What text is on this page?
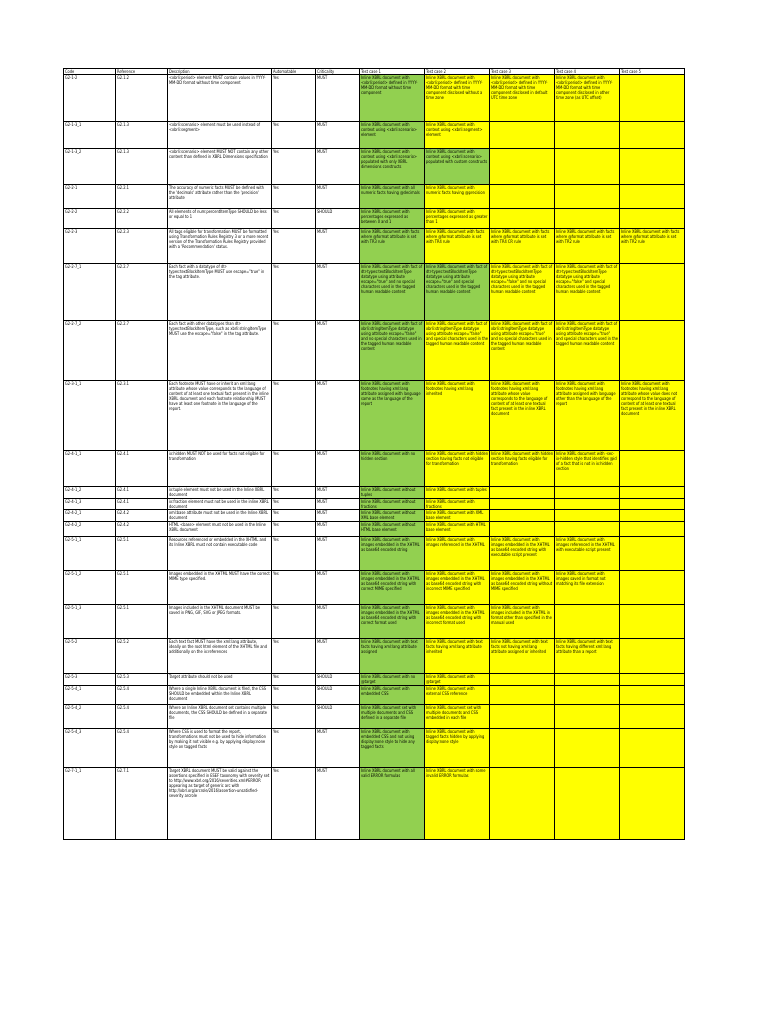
Code	Reference	Description	Automatable	Criticality	Test case 1	Test case 2	Test case 3	Test case 4	Test case 5
G2-1-2	G2.1.2	<xbrli:period> element MUST contain values in YYYY-MM-DD format without time component	Yes	MUST	Inline XBRL document with <xbrli:period> defined in YYYY-MM-DD format without time component	Inline XBRL document with <xbrli:period> defined in YYYY-MM-DD format with time component disclosed without a time zone	Inline XBRL document with <xbrli:period> defined in YYYY-MM-DD format with time component disclosed in default UTC time zone	Inline XBRL document with <xbrli:period> defined in YYYY-MM-DD format with time component disclosed in other time zone (as UTC offset)	
G2-1-3_1	G2.1.3	<xbrli:scenario> element must be used instead of <xbrli:segment>	Yes	MUST	Inline XBRL document with context using <xbrli:scenario> element	Inline XBRL document with context using <xbrli:segment> element			
G2-1-3_2	G2.1.3	<xbrli:scenario> element MUST NOT contain any other content than defined in XBRL Dimensions specification	Yes	MUST	Inline XBRL document with context using <xbrli:scenario> populated with only XBRL dimensions constructs	Inline XBRL document with context using <xbrli:scenario> populated with custom constructs			
G2-2-1	G2.2.1	The accuracy of numeric facts MUST be defined with the 'decimals' attribute rather than the 'precision' attribute	Yes	MUST	Inline XBRL document with all numeric facts having @decimals	Inline XBRL document with numeric facts having @precision			
G2-2-2	G2.2.2	All elements of num:percentItemType SHOULD be less or equal to 1	Yes	SHOULD	Inline XBRL document with percentages expressed as between 0 and 1	Inline XBRL document with percentages expressed as greater than 1			
G2-2-3	G2.2.3	All tags eligible for transformation MUST be formatted using Transformation Rules Registry 3 or a more recent version of the Transformation Rules Registry provided with a 'Recommendation' status.	Yes	MUST	Inline XBRL document with facts where @format attribute is set with TR3 rule	Inline XBRL document with facts where @format attribute is set with TR4 rule	Inline XBRL document with facts where @format attribute is set with TR4 CR rule	Inline XBRL document with facts where @format attribute is set with TR2 rule	Inline XBRL document with facts where @format attribute is set with TR2 rule
G2-2-7_1	G2.2.7	Each fact with a datatype of dtr-types:textBlockItemType MUST use escape="true" in the tag attribute.	Yes	MUST	Inline XBRL document with fact of dtr-types:textBlockItemType datatype using attribute escape="true" and no special characters used in the tagged human readable content	Inline XBRL document with fact of dtr-types:textBlockItemType datatype using attribute escape="true" and special characters used in the tagged human readable content	Inline XBRL document with fact of dtr-types:textBlockItemType datatype using attribute escape="false" and no special characters used in the tagged human readable content	Inline XBRL document with fact of dtr-types:textBlockItemType datatype using attribute escape="false" and special characters used in the tagged human readable content	
G2-2-7_2	G2.2.7	Each fact with other datatypes than dtr-types:textBlockItemType, such as xbrli:stringItemType MUST use the escape="false" in the tag attribute.	Yes	MUST	Inline XBRL document with fact of xbrli:stringItemType datatype using attribute escape="false" and no special characters used in the tagged human readable content	Inline XBRL document with fact of xbrli:stringItemType datatype using attribute escape="false" and special characters used in the tagged human readable content	Inline XBRL document with fact of xbrli:stringItemType datatype using attribute escape="true" and no special characters used in the tagged human readable content	Inline XBRL document with fact of xbrli:stringItemType datatype using attribute escape="true" and special characters used in the tagged human readable content	
G2-3-1_1	G2.3.1	Each footnote MUST have or inherit an xml:lang attribute whose value corresponds to the language of content of at least one textual fact present in the inline XBRL document and each footnote relationship MUST have at least one footnote in the language of the report.	Yes	MUST	Inline XBRL document with footnotes having xml:lang attribute assigned with language same as the language of the report	Inline XBRL document with footnotes having xml:lang inherited	Inline XBRL document with footnotes having xml:lang attribute whose value corresponds to the language of content of at least one textual fact present in the inline XBRL document	Inline XBRL document with footnotes having xml:lang attribute assigned with language other than the language of the report	Inline XBRL document with footnotes having xml:lang attribute whose value does not correspond to the language of content of at least one textual fact present in the inline XBRL document
G2-4-1_1	G2.4.1	ix:hidden MUST NOT be used for facts not eligible for transformation	Yes	MUST	Inline XBRL document with no hidden section	Inline XBRL document with hidden section having facts not eligible for transformation	Inline XBRL document with hidden section having facts eligible for transformation	Inline XBRL document with -sec-ix-hidden style that identifies @id of a fact that is not in ix:hidden section	
G2-4-1_2	G2.4.1	ix:tuple element must not be used in the Inline XBRL document	Yes	MUST	Inline XBRL document without tuples	Inline XBRL document with tuples			
G2-4-1_3	G2.4.1	ix:fraction element must not be used in the inline XBRL document	Yes	MUST	Inline XBRL document without fractions	Inline XBRL document with fractions			
G2-4-2_1	G2.4.2	xml:base attribute must not be used in the Inline XBRL document	Yes	MUST	Inline XBRL document without XML base element	Inline XBRL document with XML base element			
G2-4-2_2	G2.4.2	HTML <base> element must not be used in the Inline XBRL document	Yes	MUST	Inline XBRL document without HTML base element	Inline XBRL document with HTML base element			
G2-5-1_1	G2.5.1	Resources referenced or embedded in the XHTML and its Inline XBRL must not contain executable code	Yes	MUST	Inline XBRL document with images embedded in the XHTML as base64 encoded string	Inline XBRL document with images referenced in the XHTML	Inline XBRL document with images embedded in the XHTML as base64 encoded string with executable script present	Inline XBRL document with images referenced in the XHTML with executable script present	
G2-5-1_2	G2.5.1	Images embedded in the XHTML MUST have the correct MIME type specified.	Yes	MUST	Inline XBRL document with images embedded in the XHTML as base64 encoded string with correct MIME specified	Inline XBRL document with images embedded in the XHTML as base64 encoded string with incorrect MIME specified	Inline XBRL document with images embedded in the XHTML as base64 encoded string without MIME specified	Inline XBRL document with images saved in format not matching its file extension	
G2-5-1_3	G2.5.1	Images included in the XHTML document MUST be saved in PNG, GIF, SVG or JPEG formats.	Yes	MUST	Inline XBRL document with images embedded in the XHTML as base64 encoded string with correct format used	Inline XBRL document with images embedded in the XHTML as base64 encoded string with incorrect format used	Inline XBRL document with images included in the XHTML in format other than specified in the manual used		
G2-5-2	G2.5.2	Each text fact MUST have the xml:lang attribute, ideally on the root html element of the XHTML file and additionally on the ix:references	Yes	MUST	Inline XBRL document with text facts having xml:lang attribute assigned	Inline XBRL document with text facts having xml:lang attribute inherited	Inline XBRL document with text facts not having xml:lang attribute assigned or inherited	Inline XBRL document with text facts having different xml:lang attribute than a report	
G2-5-3	G2.5.3	Target attribute should not be used	Yes	SHOULD	Inline XBRL document with no @target	Inline XBRL document with @target			
G2-5-4_1	G2.5.4	Where a single Inline XBRL document is filed, the CSS SHOULD be embedded within the Inline XBRL document	Yes	SHOULD	Inline XBRL document with embedded CSS	Inline XBRL document with external CSS reference			
G2-5-4_2	G2.5.4	Where an Inline XBRL document set contains multiple documents, the CSS SHOULD be defined in a separate file	Yes	SHOULD	Inline XBRL document set with multiple documents and CSS defined in a separate file	Inline XBRL document set with multiple documents and CSS embedded in each file			
G2-5-4_3	G2.5.4	Where CSS is used to format the report, transformations must not be used to hide information by making it not visible e.g. by applying display:none style on tagged facts	Yes	MUST	Inline XBRL document with embedded CSS and not using display:none style to hide any tagged facts	Inline XBRL document with tagged facts hidden by applying display:none style			
G2-7-1_1	G2.7.1	Target XBRL document MUST be valid against the assertions specified in ESEF taxonomy with severity set to http://www.xbrl.org/2016/severities.xml#ERROR appearing as target of generic arc with http://xbrl.org/arcrole/2016/assertion-unsatisfied-severity arcrole	Yes	MUST	Inline XBRL document with all valid ERROR formulas	Inline XBRL document with some invalid ERROR formulas			
